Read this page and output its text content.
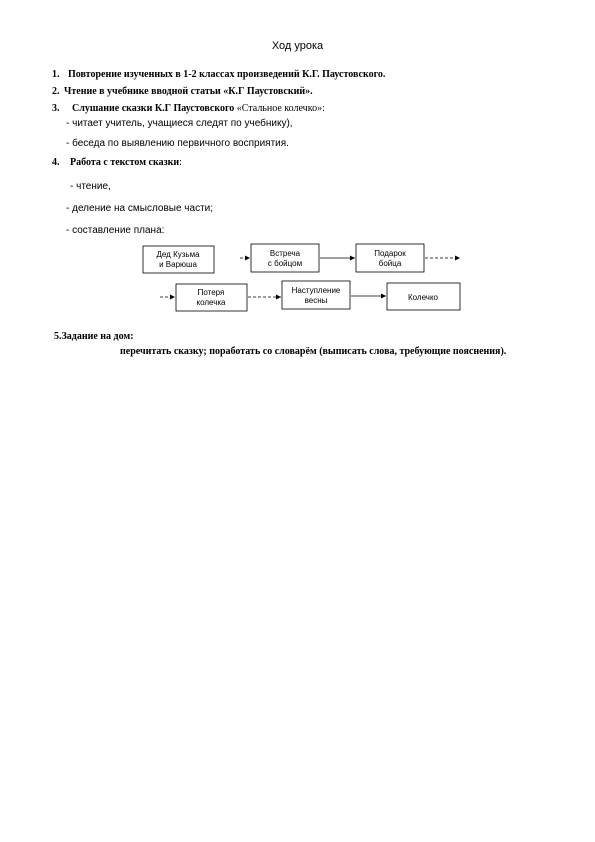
Ход урока
1. Повторение изученных в 1-2 классах произведений К.Г. Паустовского.
2. Чтение в учебнике вводной статьи «К.Г Паустовский».
3. Слушание сказки К.Г Паустовского «Стальное колечко»:
- читает учитель, учащиеся следят по учебнику),
- беседа по выявлению первичного восприятия.
4. Работа с текстом сказки:
- чтение,
- деление на смысловые части;
- составление плана:
Дед Кузьма
и Варюша
Встреча
с бойцом
Подарок
бойца
Потеря
колечка
Наступление
весны	Колечко
5.Задание на дом:
перечитать сказку; поработать со словарём (выписать слова, требующие пояснения).
